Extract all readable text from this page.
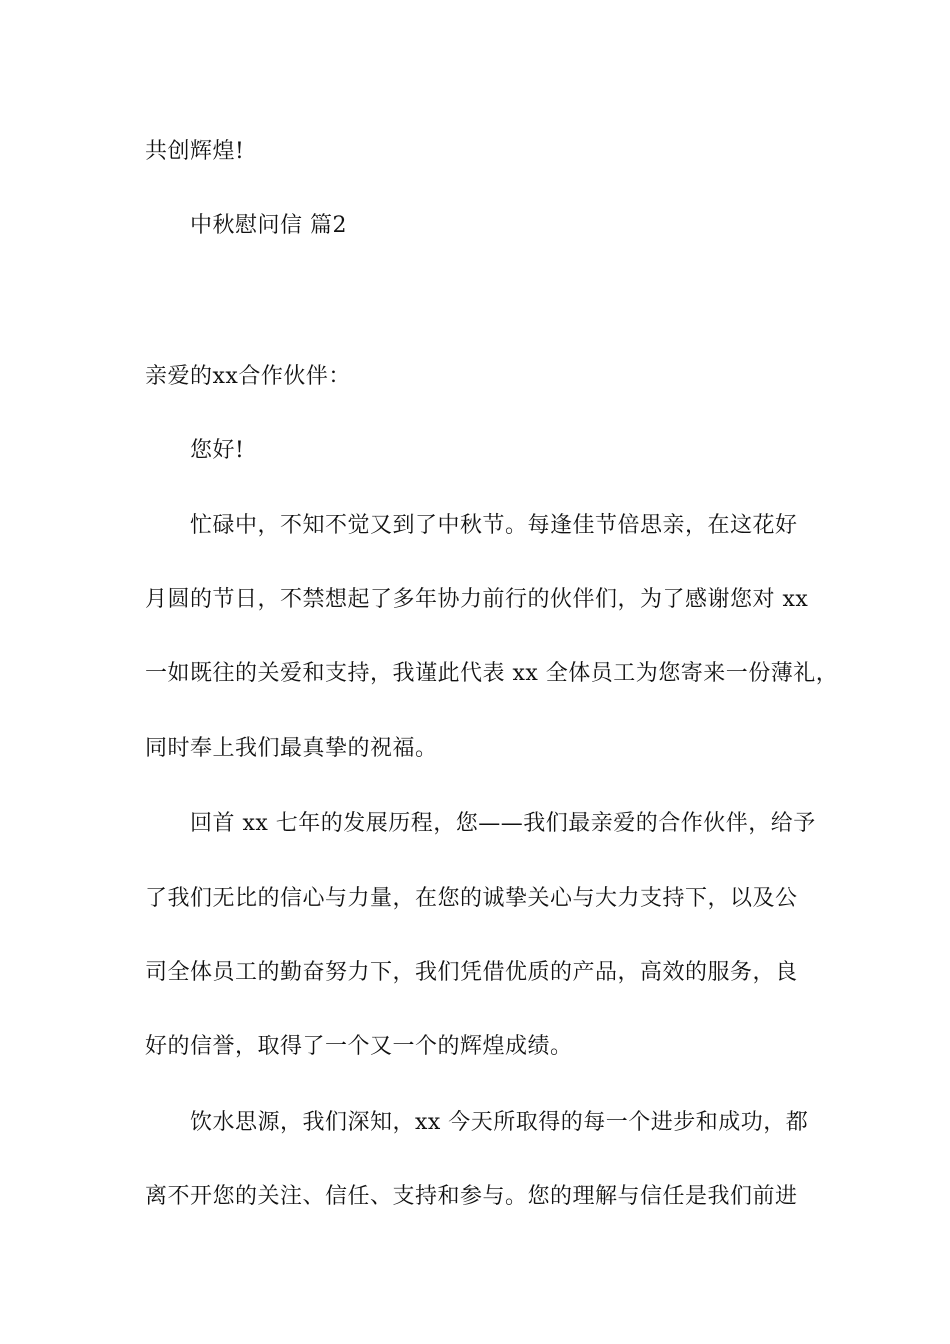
共创辉煌!
中秋慰问信 篇2
亲爱的xx合作伙伴：
您好!
忙碌中，不知不觉又到了中秋节。每逢佳节倍思亲，在这花好
月圆的节日，不禁想起了多年协力前行的伙伴们，为了感谢您对 xx
一如既往的关爱和支持，我谨此代表 xx 全体员工为您寄来一份薄礼，
同时奉上我们最真挚的祝福。
回首 xx 七年的发展历程，您——我们最亲爱的合作伙伴，给予
了我们无比的信心与力量，在您的诚挚关心与大力支持下，以及公
司全体员工的勤奋努力下，我们凭借优质的产品，高效的服务，良
好的信誉，取得了一个又一个的辉煌成绩。
饮水思源，我们深知，xx 今天所取得的每一个进步和成功，都
离不开您的关注、信任、支持和参与。您的理解与信任是我们前进
